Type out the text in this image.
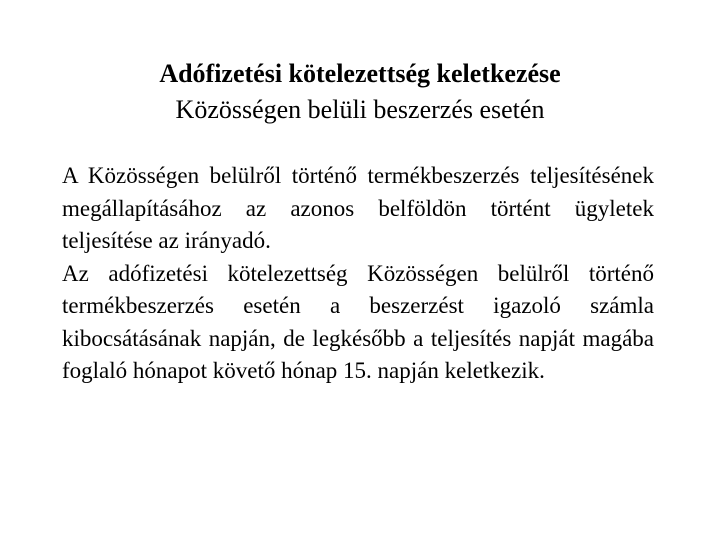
Adófizetési kötelezettség keletkezése
Közösségen belüli beszerzés esetén

A Közösségen belülről történő termékbeszerzés teljesítésének megállapításához az azonos belföldön történt ügyletek teljesítése az irányadó.

Az adófizetési kötelezettség Közösségen belülről történő termékbeszerzés esetén a beszerzést igazoló számla kibocsátásának napján, de legkésőbb a teljesítés napját magába foglaló hónapot követő hónap 15. napján keletkezik.
